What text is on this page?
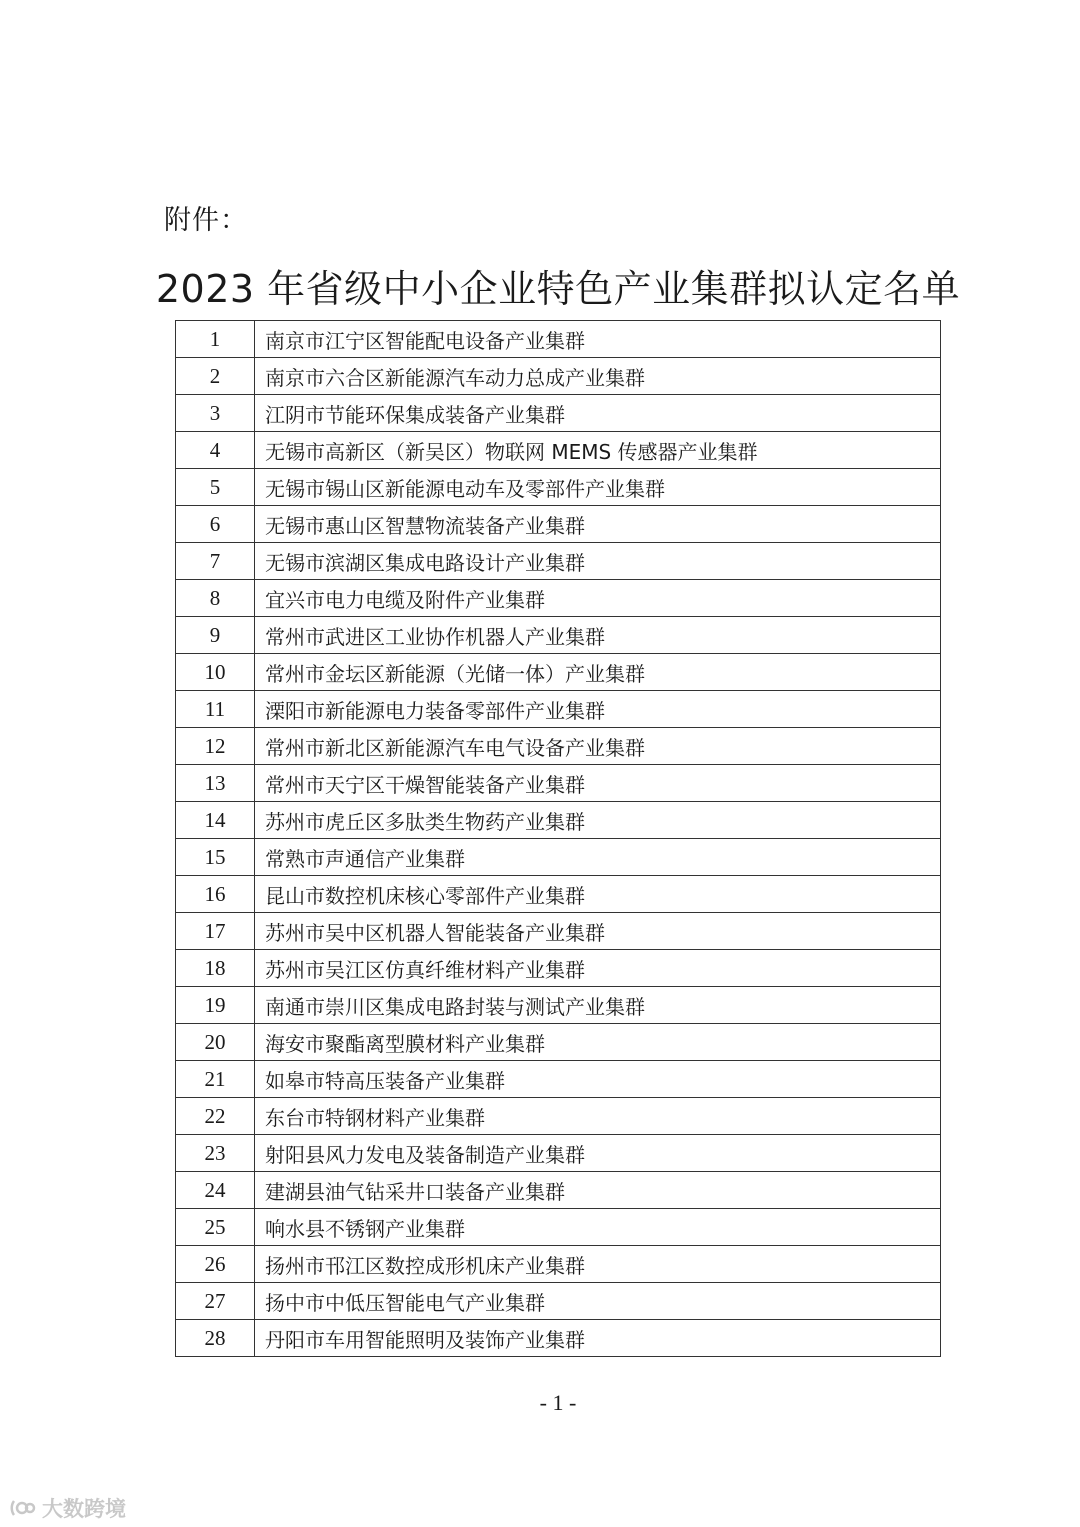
附件：
2023 年省级中小企业特色产业集群拟认定名单
1	南京市江宁区智能配电设备产业集群
2	南京市六合区新能源汽车动力总成产业集群
3	江阴市节能环保集成装备产业集群
4	无锡市高新区（新吴区）物联网 MEMS 传感器产业集群
5	无锡市锡山区新能源电动车及零部件产业集群
6	无锡市惠山区智慧物流装备产业集群
7	无锡市滨湖区集成电路设计产业集群
8	宜兴市电力电缆及附件产业集群
9	常州市武进区工业协作机器人产业集群
10	常州市金坛区新能源（光储一体）产业集群
11	溧阳市新能源电力装备零部件产业集群
12	常州市新北区新能源汽车电气设备产业集群
13	常州市天宁区干燥智能装备产业集群
14	苏州市虎丘区多肽类生物药产业集群
15	常熟市声通信产业集群
16	昆山市数控机床核心零部件产业集群
17	苏州市吴中区机器人智能装备产业集群
18	苏州市吴江区仿真纤维材料产业集群
19	南通市崇川区集成电路封装与测试产业集群
20	海安市聚酯离型膜材料产业集群
21	如皋市特高压装备产业集群
22	东台市特钢材料产业集群
23	射阳县风力发电及装备制造产业集群
24	建湖县油气钻采井口装备产业集群
25	响水县不锈钢产业集群
26	扬州市邗江区数控成形机床产业集群
27	扬中市中低压智能电气产业集群
28	丹阳市车用智能照明及装饰产业集群
- 1 -
大数跨境
